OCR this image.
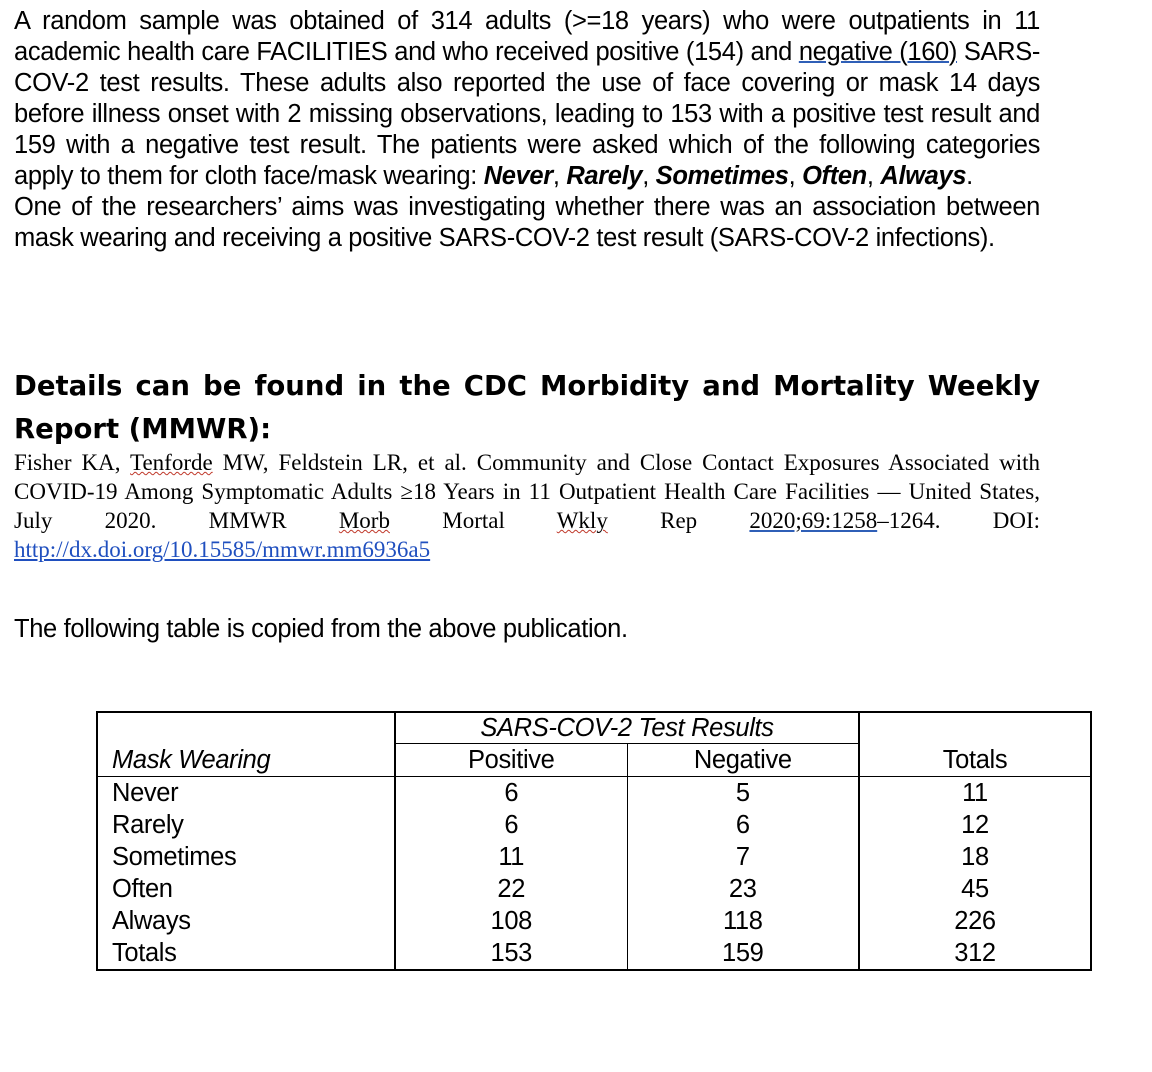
A random sample was obtained of 314 adults (>=18 years) who were outpatients in 11 academic health care FACILITIES and who received positive (154) and negative (160) SARS-COV-2 test results. These adults also reported the use of face covering or mask 14 days before illness onset with 2 missing observations, leading to 153 with a positive test result and 159 with a negative test result. The patients were asked which of the following categories apply to them for cloth face/mask wearing: Never, Rarely, Sometimes, Often, Always.

One of the researchers’ aims was investigating whether there was an association between mask wearing and receiving a positive SARS-COV-2 test result (SARS-COV-2 infections).

Details can be found in the CDC Morbidity and Mortality Weekly Report (MMWR):

Fisher KA, Tenforde MW, Feldstein LR, et al. Community and Close Contact Exposures Associated with COVID-19 Among Symptomatic Adults ≥18 Years in 11 Outpatient Health Care Facilities — United States, July 2020. MMWR Morb Mortal Wkly Rep 2020;69:1258–1264. DOI: http://dx.doi.org/10.15585/mmwr.mm6936a5

The following table is copied from the above publication.

	SARS-COV-2 Test Results		
Mask Wearing	Positive	Negative	Totals
Never	6	5	11
Rarely	6	6	12
Sometimes	11	7	18
Often	22	23	45
Always	108	118	226
Totals	153	159	312
